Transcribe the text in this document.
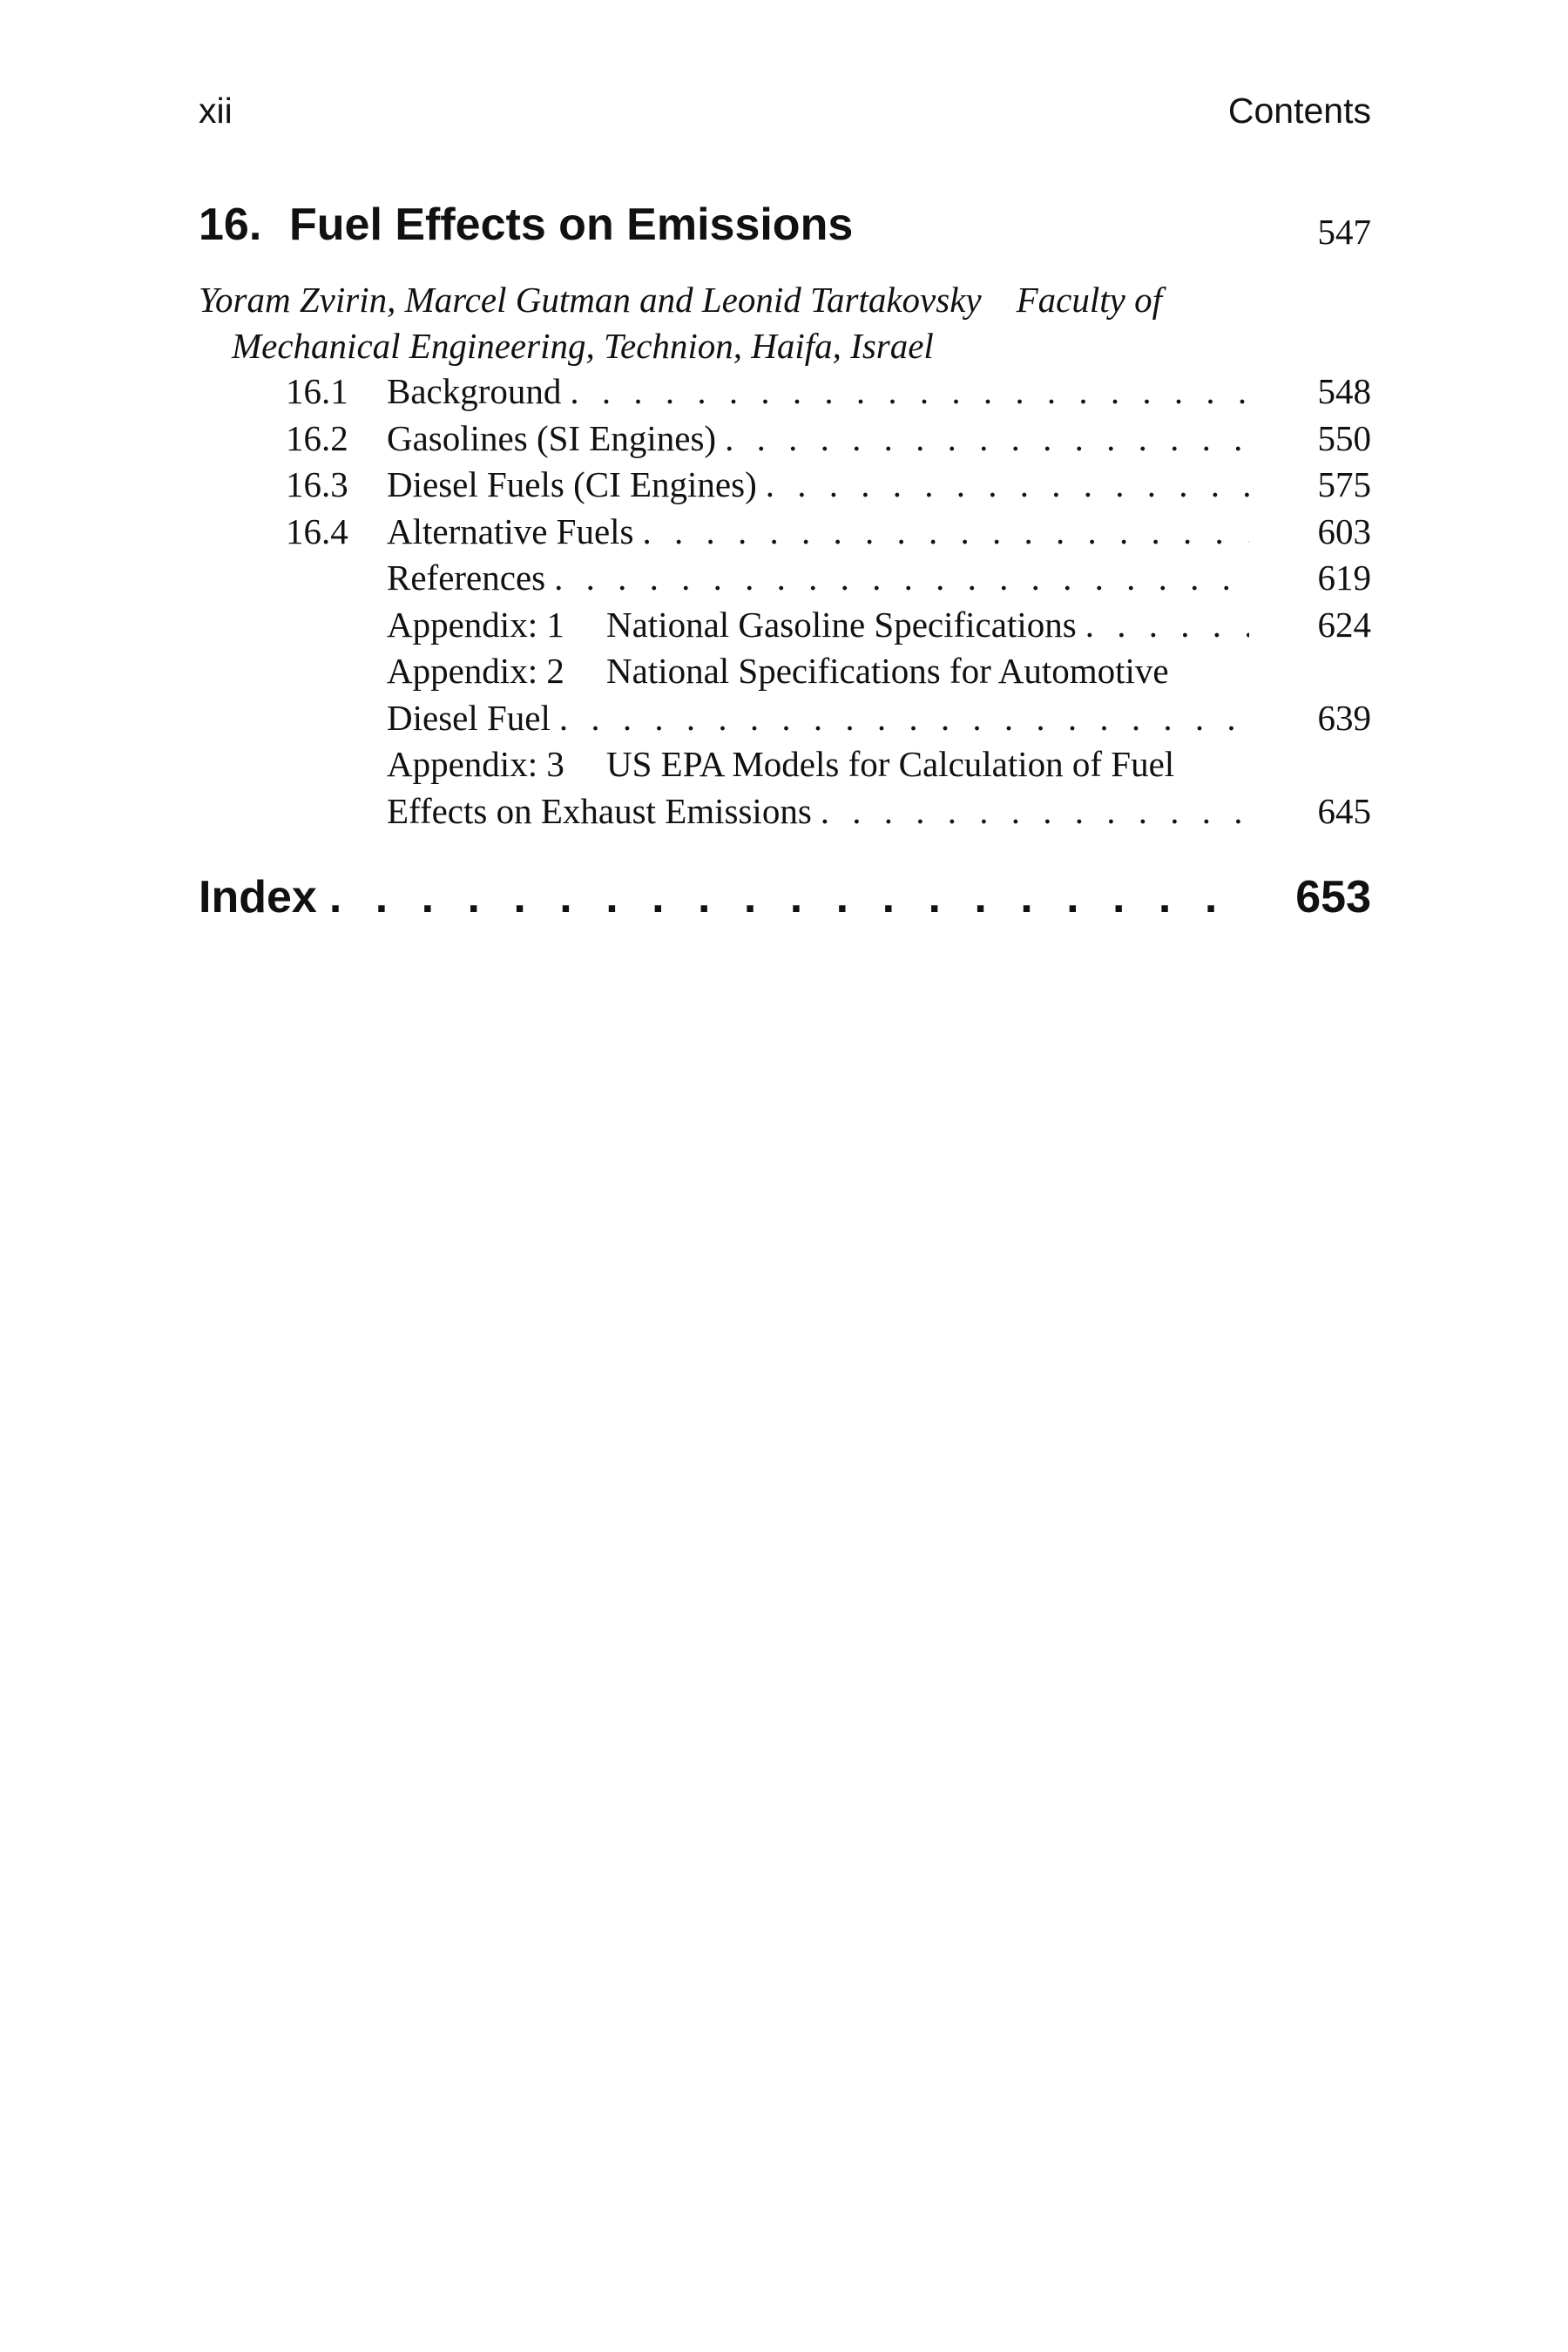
xii	Contents
16. Fuel Effects on Emissions	547
Yoram Zvirin, Marcel Gutman and Leonid Tartakovsky Faculty of
Mechanical Engineering, Technion, Haifa, Israel
16.1 Background . . .	548
16.2 Gasolines (SI Engines) . . .	550
16.3 Diesel Fuels (CI Engines) . . .	575
16.4 Alternative Fuels . . .	603
References . . .	619
Appendix: 1 National Gasoline Specifications . . .	624
Appendix: 2 National Specifications for Automotive
Diesel Fuel . . .	639
Appendix: 3 US EPA Models for Calculation of Fuel
Effects on Exhaust Emissions . . .	645
Index . . .	653
